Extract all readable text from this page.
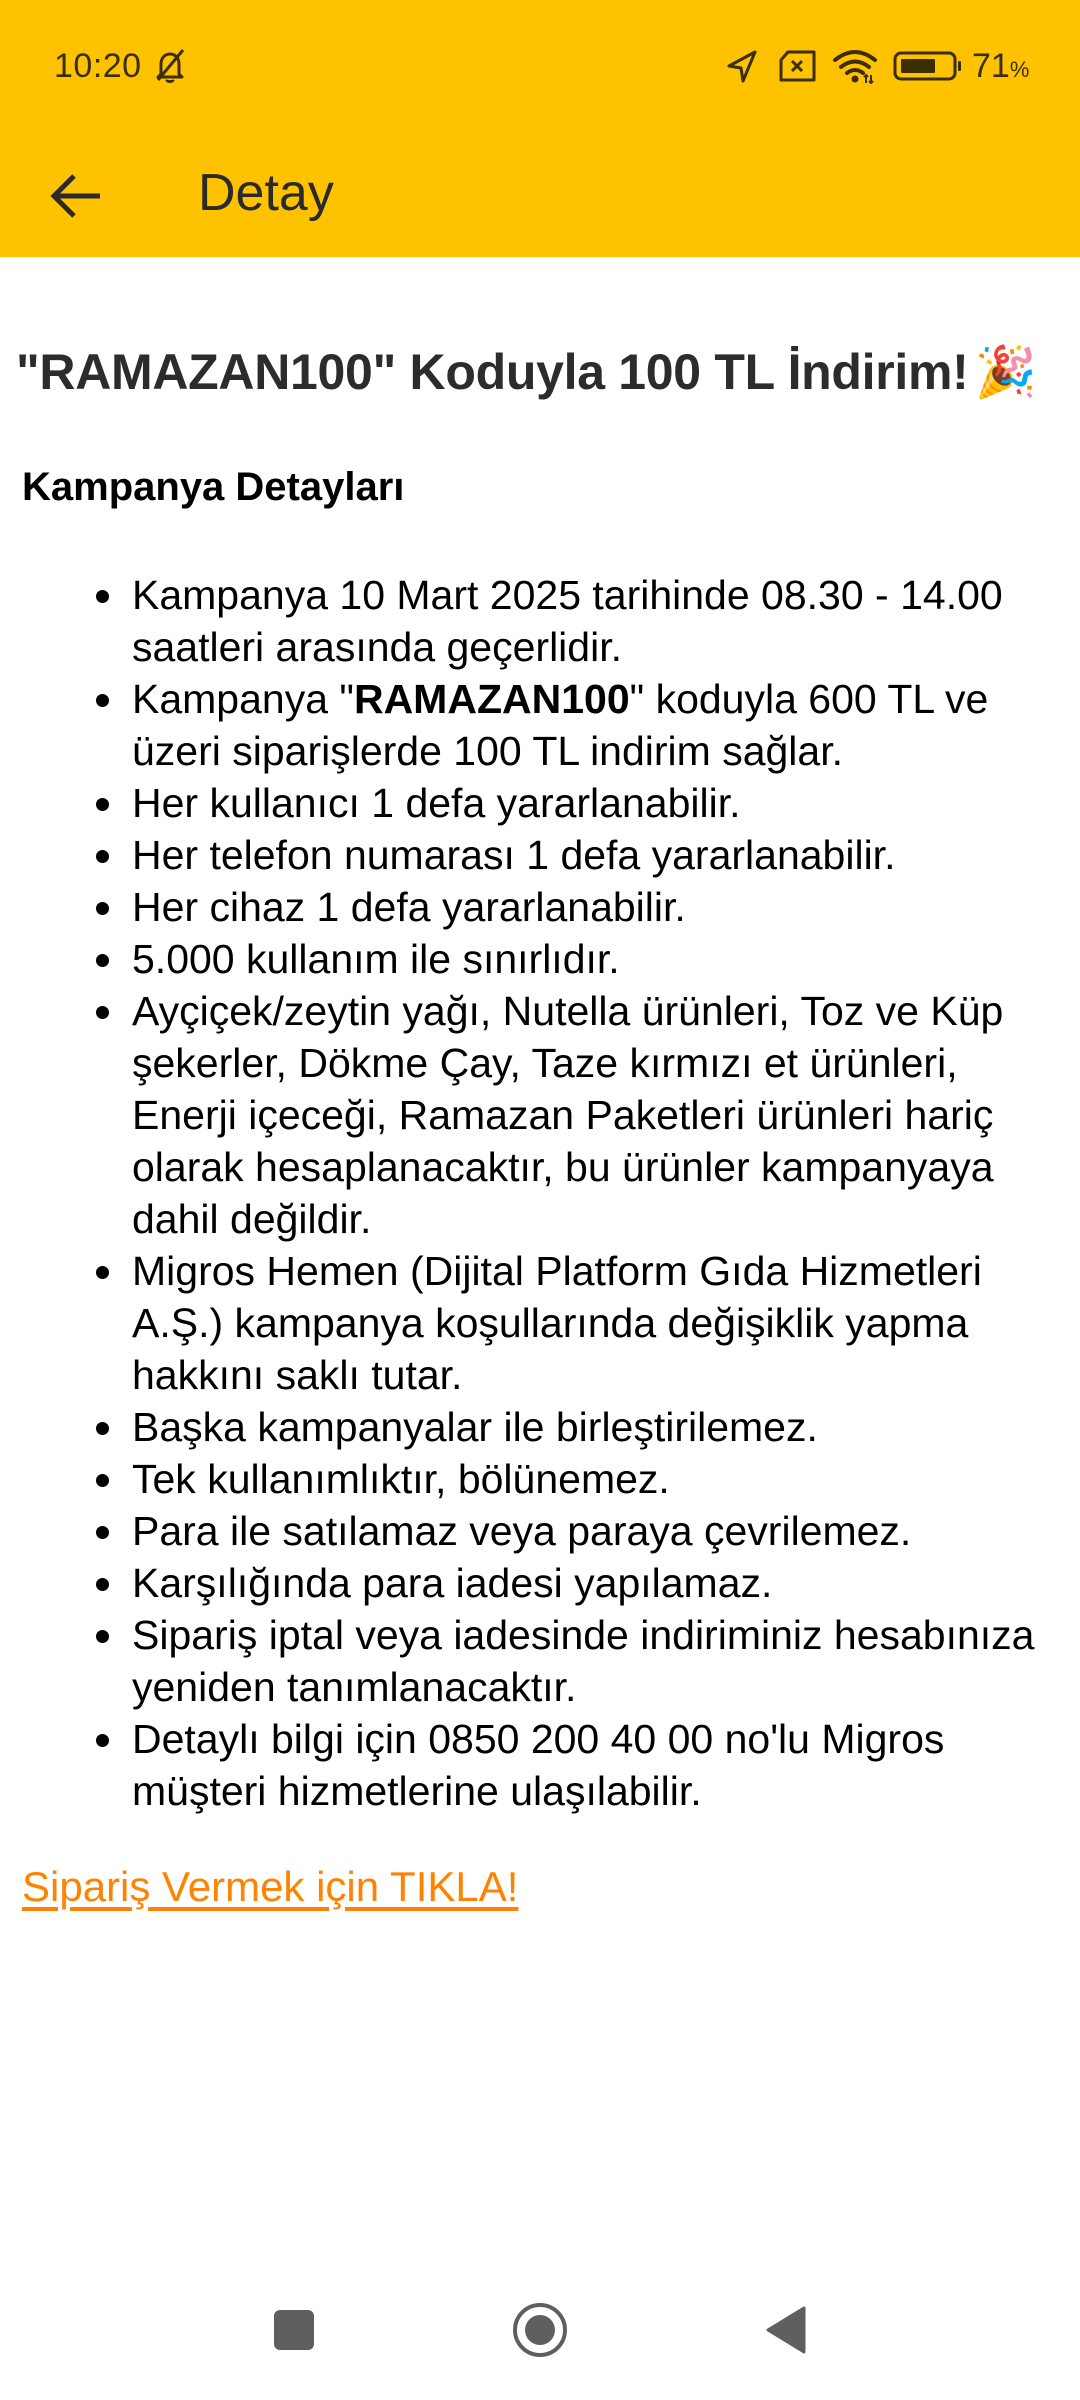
10:20	71%
Detay
"RAMAZAN100" Koduyla 100 TL İndirim! 🎉
Kampanya Detayları
Kampanya 10 Mart 2025 tarihinde 08.30 - 14.00 saatleri arasında geçerlidir.
Kampanya "RAMAZAN100" koduyla 600 TL ve üzeri siparişlerde 100 TL indirim sağlar.
Her kullanıcı 1 defa yararlanabilir.
Her telefon numarası 1 defa yararlanabilir.
Her cihaz 1 defa yararlanabilir.
5.000 kullanım ile sınırlıdır.
Ayçiçek/zeytin yağı, Nutella ürünleri, Toz ve Küp şekerler, Dökme Çay, Taze kırmızı et ürünleri, Enerji içeceği, Ramazan Paketleri ürünleri hariç olarak hesaplanacaktır, bu ürünler kampanyaya dahil değildir.
Migros Hemen (Dijital Platform Gıda Hizmetleri A.Ş.) kampanya koşullarında değişiklik yapma hakkını saklı tutar.
Başka kampanyalar ile birleştirilemez.
Tek kullanımlıktır, bölünemez.
Para ile satılamaz veya paraya çevrilemez.
Karşılığında para iadesi yapılamaz.
Sipariş iptal veya iadesinde indiriminiz hesabınıza yeniden tanımlanacaktır.
Detaylı bilgi için 0850 200 40 00 no'lu Migros müşteri hizmetlerine ulaşılabilir.
Sipariş Vermek için TIKLA!
